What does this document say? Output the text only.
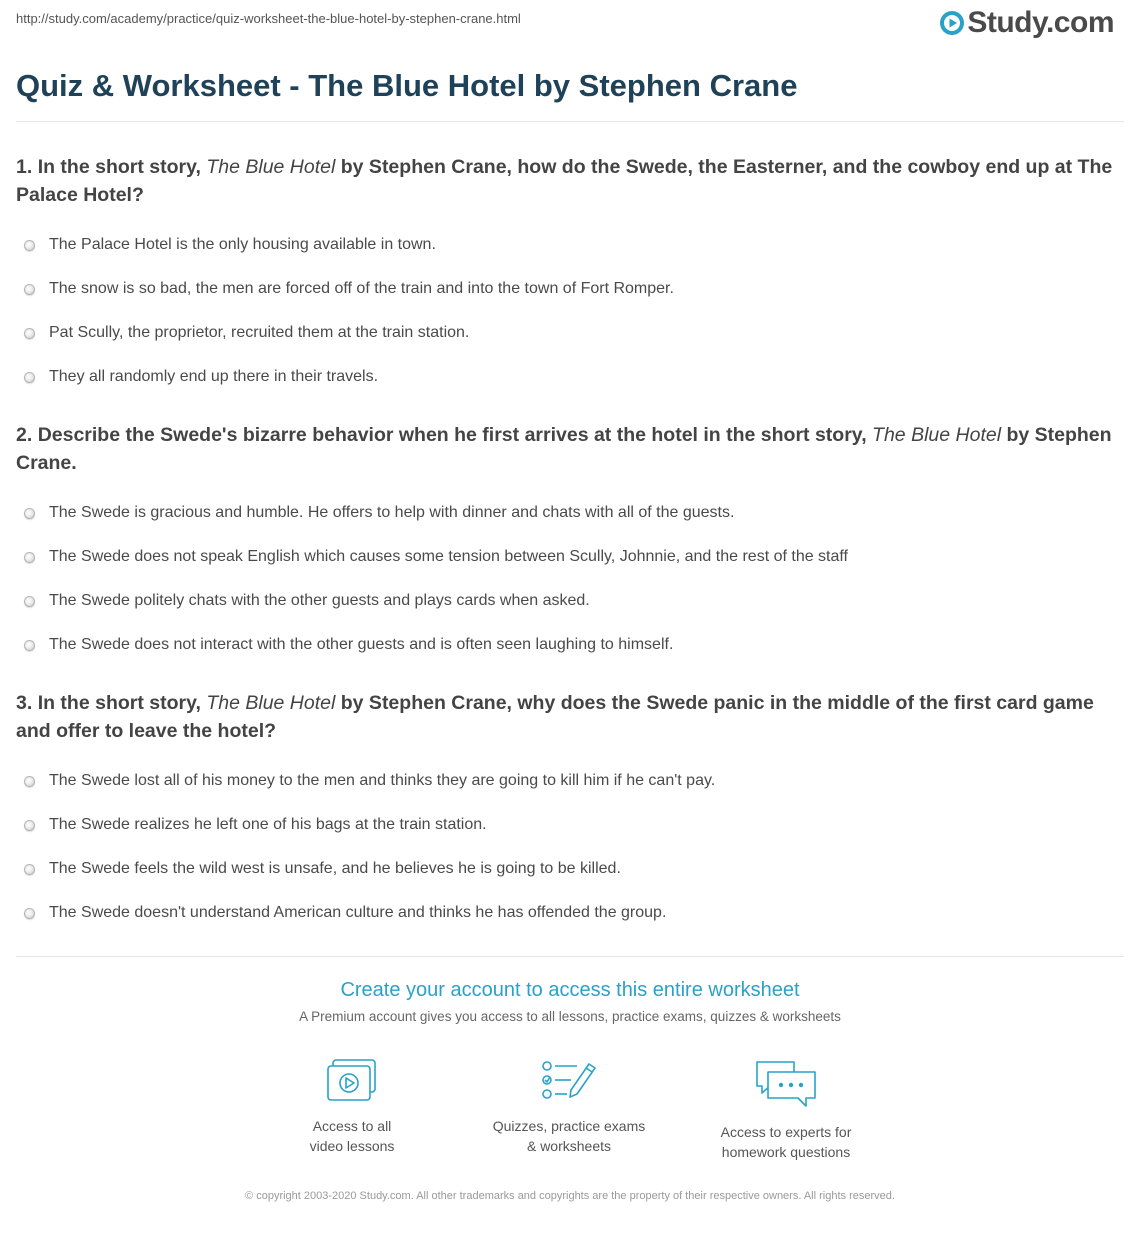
http://study.com/academy/practice/quiz-worksheet-the-blue-hotel-by-stephen-crane.html	Study.com
Quiz & Worksheet - The Blue Hotel by Stephen Crane

1. In the short story, The Blue Hotel by Stephen Crane, how do the Swede, the Easterner, and the cowboy end up at The Palace Hotel?

The Palace Hotel is the only housing available in town.
The snow is so bad, the men are forced off of the train and into the town of Fort Romper.
Pat Scully, the proprietor, recruited them at the train station.
They all randomly end up there in their travels.

2. Describe the Swede's bizarre behavior when he first arrives at the hotel in the short story, The Blue Hotel by Stephen Crane.

The Swede is gracious and humble. He offers to help with dinner and chats with all of the guests.
The Swede does not speak English which causes some tension between Scully, Johnnie, and the rest of the staff
The Swede politely chats with the other guests and plays cards when asked.
The Swede does not interact with the other guests and is often seen laughing to himself.

3. In the short story, The Blue Hotel by Stephen Crane, why does the Swede panic in the middle of the first card game and offer to leave the hotel?

The Swede lost all of his money to the men and thinks they are going to kill him if he can't pay.
The Swede realizes he left one of his bags at the train station.
The Swede feels the wild west is unsafe, and he believes he is going to be killed.
The Swede doesn't understand American culture and thinks he has offended the group.

Create your account to access this entire worksheet

A Premium account gives you access to all lessons, practice exams, quizzes & worksheets
Access to all
video lessons
Quizzes, practice exams
& worksheets
Access to experts for
homework questions
© copyright 2003-2020 Study.com. All other trademarks and copyrights are the property of their respective owners. All rights reserved.
